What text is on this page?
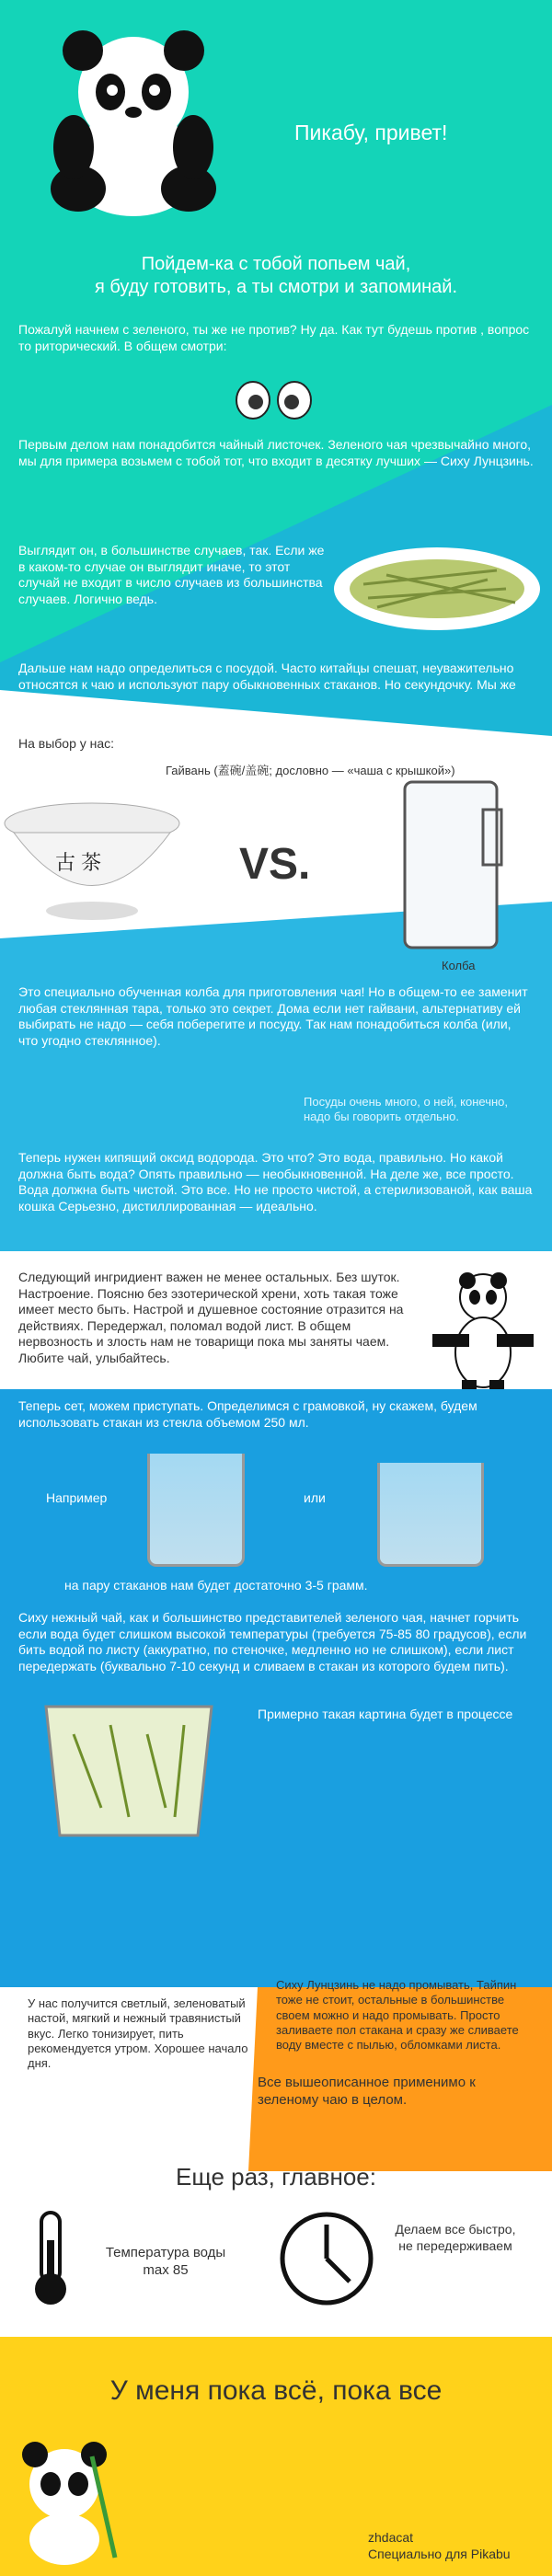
Пикабу, привет!

Пойдем-ка с тобой попьем чай,

я буду готовить, а ты смотри и запоминай.

Пожалуй начнем с зеленого, ты же не против? Ну да. Как тут будешь против , вопрос то риторический. В общем смотри:

Первым делом нам понадобится чайный листочек. Зеленого чая чрезвычайно много, мы для примера возьмем с тобой тот, что входит в десятку лучших — Сиху Лунцзинь.

Выглядит он, в большинстве случаев, так. Если же в каком-то случае он выглядит иначе, то этот случай не входит в число случаев из большинства случаев. Логично ведь.

Дальше нам надо определиться с посудой. Часто китайцы спешат, неуважительно относятся к чаю и используют пару обыкновенных стаканов. Но секундочку. Мы же выше.

Белые. И глаза у нас больше, а впрочем о посуде.

На выбор у нас:

Гайвань (蓋碗/盖碗; дословно — «чаша с крышкой»)

古 茶	VS.

Колба

Это специально обученная колба для приготовления чая! Но в общем-то ее заменит любая стеклянная тара, только это секрет. Дома если нет гайвани, альтернативу ей выбирать не надо — себя поберегите и посуду. Так нам понадобиться колба (или, что угодно стеклянное).

Посуды очень много, о ней, конечно, надо бы говорить отдельно.

Теперь нужен кипящий оксид водорода. Это что? Это вода, правильно. Но какой должна быть вода? Опять правильно — необыкновенной. На деле же, все просто. Вода должна быть чистой. Это все. Но не просто чистой, а стерилизованой, как ваша кошка Серьезно, дистиллированная — идеально.

Следующий ингридиент важен не менее остальных. Без шуток. Настроение. Поясню без эзотерической хрени, хоть такая тоже имеет место быть. Настрой и душевное состояние отразится на действиях. Передержал, поломал водой лист. В общем нервозность и злость нам не товарищи пока мы заняты чаем. Любите чай, улыбайтесь.

Теперь сет, можем приступать. Определимся с грамовкой, ну скажем, будем использовать стакан из стекла объемом 250 мл.

Например	или

на пару стаканов нам будет достаточно 3-5 грамм.

Сиху нежный чай, как и большинство представителей зеленого чая, начнет горчить если вода будет слишком высокой температуры (требуется 75-85 80 градусов), если бить водой по листу (аккуратно, по стеночке, медленно но не слишком), если лист передержать (буквально 7-10 секунд и сливаем в стакан из которого будем пить).

Примерно такая картина будет в процессе

Сиху Лунцзинь не надо промывать, Тайпин тоже не стоит, остальные в большинстве своем можно и надо промывать. Просто заливаете пол стакана и сразу же сливаете воду вместе с пылью, обломками листа.

У нас получится светлый, зеленоватый настой, мягкий и нежный травянистый вкус. Легко тонизирует, пить рекомендуется утром. Хорошее начало дня.

Все вышеописанное применимо к зеленому чаю в целом.

Еще раз, главное:

Температура воды max 85

Делаем все быстро, не передерживаем

У меня пока всё, пока все

zhdacat

Специально для Pikabu
